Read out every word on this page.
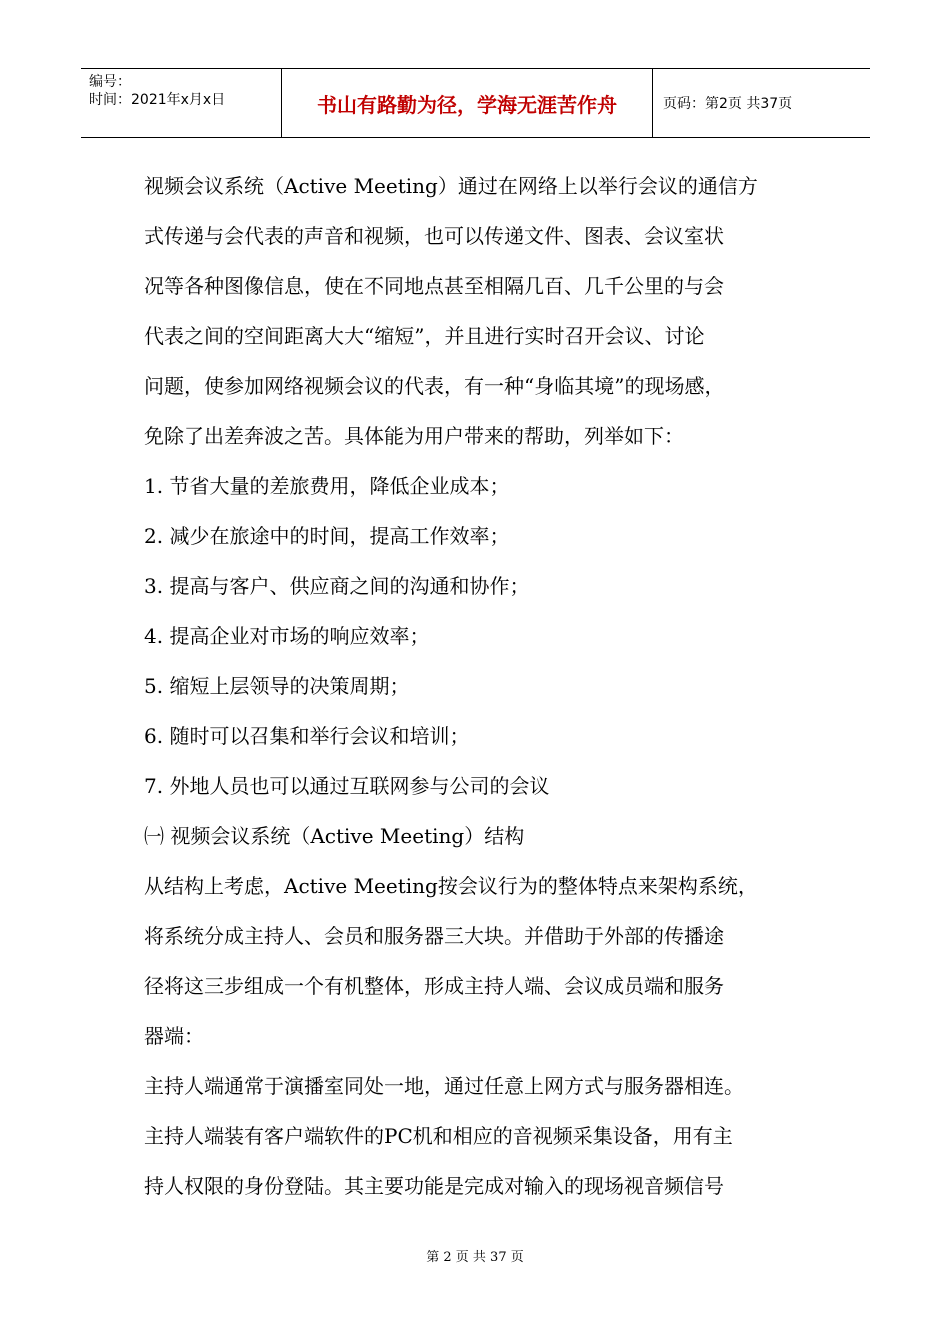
编号：
时间：2021年x月x日	书山有路勤为径，学海无涯苦作舟	页码：第2页 共37页
视频会议系统（Active Meeting）通过在网络上以举行会议的通信方
式传递与会代表的声音和视频，也可以传递文件、图表、会议室状
况等各种图像信息，使在不同地点甚至相隔几百、几千公里的与会
代表之间的空间距离大大“缩短”，并且进行实时召开会议、讨论
问题，使参加网络视频会议的代表，有一种“身临其境”的现场感，
免除了出差奔波之苦。具体能为用户带来的帮助，列举如下：
1. 节省大量的差旅费用，降低企业成本；
2. 减少在旅途中的时间，提高工作效率；
3. 提高与客户、供应商之间的沟通和协作；
4. 提高企业对市场的响应效率；
5. 缩短上层领导的决策周期；
6. 随时可以召集和举行会议和培训；
7. 外地人员也可以通过互联网参与公司的会议
㈠ 视频会议系统（Active Meeting）结构
从结构上考虑，Active Meeting按会议行为的整体特点来架构系统，
将系统分成主持人、会员和服务器三大块。并借助于外部的传播途
径将这三步组成一个有机整体，形成主持人端、会议成员端和服务
器端：
主持人端通常于演播室同处一地，通过任意上网方式与服务器相连。
主持人端装有客户端软件的PC机和相应的音视频采集设备，用有主
持人权限的身份登陆。其主要功能是完成对输入的现场视音频信号
第 2 页 共 37 页
